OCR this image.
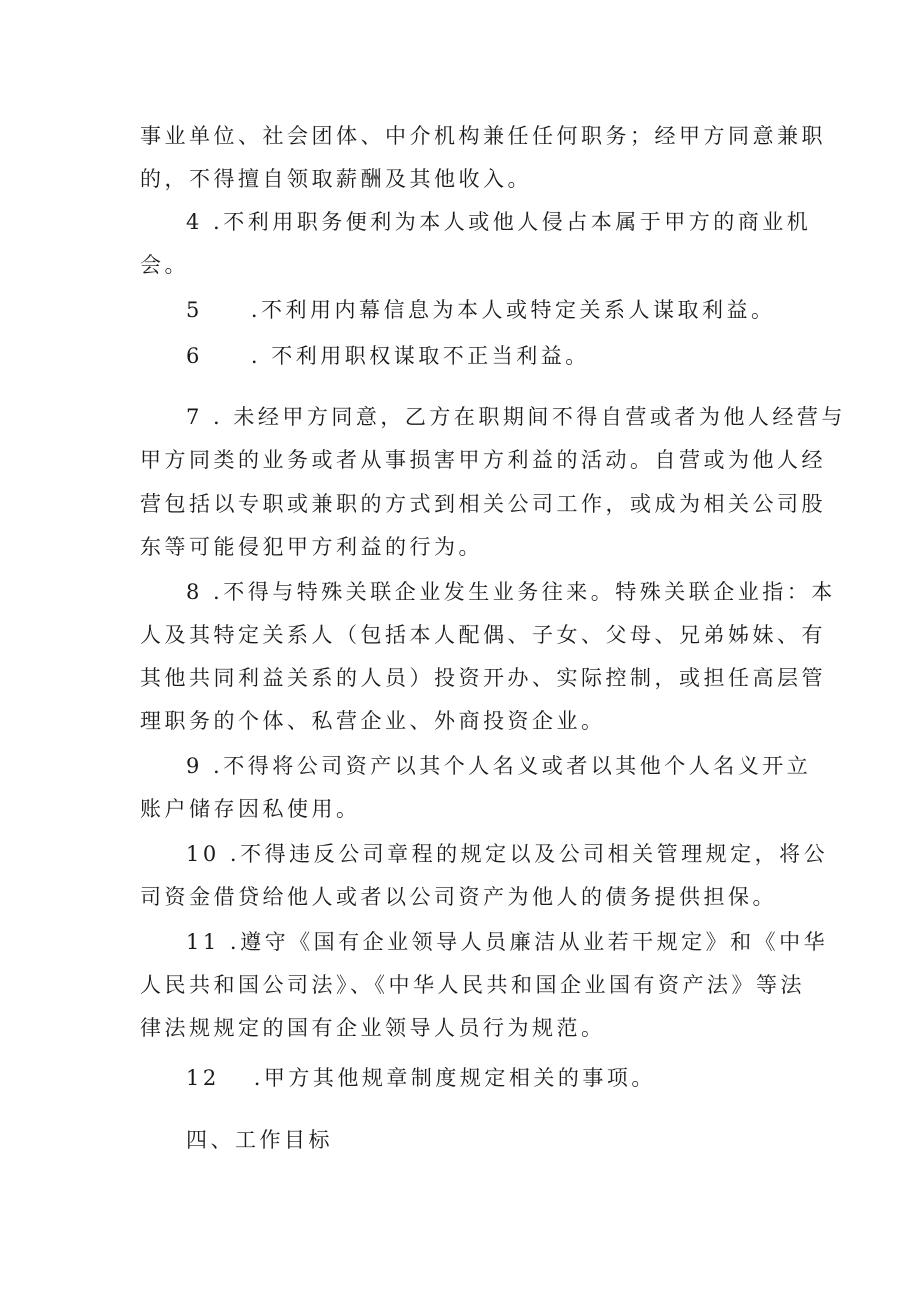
事业单位、社会团体、中介机构兼任任何职务；经甲方同意兼职
的，不得擅自领取薪酬及其他收入。
4 .不利用职务便利为本人或他人侵占本属于甲方的商业机
会。
5 .不利用内幕信息为本人或特定关系人谋取利益。
6 . 不利用职权谋取不正当利益。
7 . 未经甲方同意，乙方在职期间不得自营或者为他人经营与
甲方同类的业务或者从事损害甲方利益的活动。自营或为他人经
营包括以专职或兼职的方式到相关公司工作，或成为相关公司股
东等可能侵犯甲方利益的行为。
8 .不得与特殊关联企业发生业务往来。特殊关联企业指：本
人及其特定关系人（包括本人配偶、子女、父母、兄弟姊妹、有
其他共同利益关系的人员）投资开办、实际控制，或担任高层管
理职务的个体、私营企业、外商投资企业。
9 .不得将公司资产以其个人名义或者以其他个人名义开立
账户储存因私使用。
10 .不得违反公司章程的规定以及公司相关管理规定，将公
司资金借贷给他人或者以公司资产为他人的债务提供担保。
11 .遵守《国有企业领导人员廉洁从业若干规定》和《中华
人民共和国公司法》、《中华人民共和国企业国有资产法》等法
律法规规定的国有企业领导人员行为规范。
12 .甲方其他规章制度规定相关的事项。
四、工作目标
